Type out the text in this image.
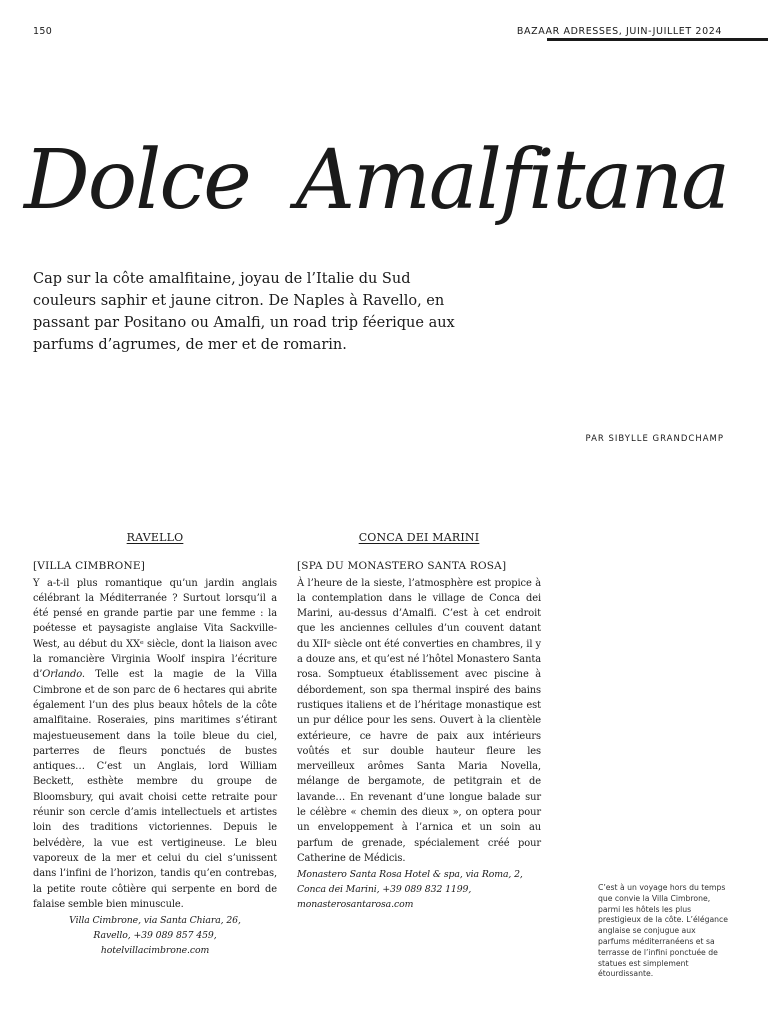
150	BAZAAR ADRESSES, JUIN-JUILLET 2024
Dolce Amalfitana

Cap sur la côte amalfitaine, joyau de l’Italie du Sud couleurs saphir et jaune citron. De Naples à Ravello, en passant par Positano ou Amalfi, un road trip féerique aux parfums d’agrumes, de mer et de romarin.

PAR SIBYLLE GRANDCHAMP
RAVELLO
[VILLA CIMBRONE]

Y a-t-il plus romantique qu’un jardin anglais célébrant la Méditerranée ? Surtout lorsqu’il a été pensé en grande partie par une femme : la poétesse et paysagiste anglaise Vita Sackville-West, au début du XXᵉ siècle, dont la liaison avec la romancière Virginia Woolf inspira l’écriture d’Orlando. Telle est la magie de la Villa Cimbrone et de son parc de 6 hectares qui abrite également l’un des plus beaux hôtels de la côte amalfitaine. Roseraies, pins maritimes s’étirant majestueusement dans la toile bleue du ciel, parterres de fleurs ponctués de bustes antiques… C’est un Anglais, lord William Beckett, esthète membre du groupe de Bloomsbury, qui avait choisi cette retraite pour réunir son cercle d’amis intellectuels et artistes loin des traditions victoriennes. Depuis le belvédère, la vue est vertigineuse. Le bleu vaporeux de la mer et celui du ciel s’unissent dans l’infini de l’horizon, tandis qu’en contrebas, la petite route côtière qui serpente en bord de falaise semble bien minuscule.

Villa Cimbrone, via Santa Chiara, 26, Ravello, +39 089 857 459, hotelvillacimbrone.com

CONCA DEI MARINI
[SPA DU MONASTERO SANTA ROSA]

À l’heure de la sieste, l’atmosphère est propice à la contemplation dans le village de Conca dei Marini, au-dessus d’Amalfi. C’est à cet endroit que les anciennes cellules d’un couvent datant du XIIᵉ siècle ont été converties en chambres, il y a douze ans, et qu’est né l’hôtel Monastero Santa rosa. Somptueux établissement avec piscine à débordement, son spa thermal inspiré des bains rustiques italiens et de l’héritage monastique est un pur délice pour les sens. Ouvert à la clientèle extérieure, ce havre de paix aux intérieurs voûtés et sur double hauteur fleure les merveilleux arômes Santa Maria Novella, mélange de bergamote, de petitgrain et de lavande… En revenant d’une longue balade sur le célèbre « chemin des dieux », on optera pour un enveloppement à l’arnica et un soin au parfum de grenade, spécialement créé pour Catherine de Médicis.

Monastero Santa Rosa Hotel & spa, via Roma, 2, Conca dei Marini, +39 089 832 1199, monasterosantarosa.com

C’est à un voyage hors du temps que convie la Villa Cimbrone, parmi les hôtels les plus prestigieux de la côte. L’élégance anglaise se conjugue aux parfums méditerranéens et sa terrasse de l’infini ponctuée de statues est simplement étourdissante.
